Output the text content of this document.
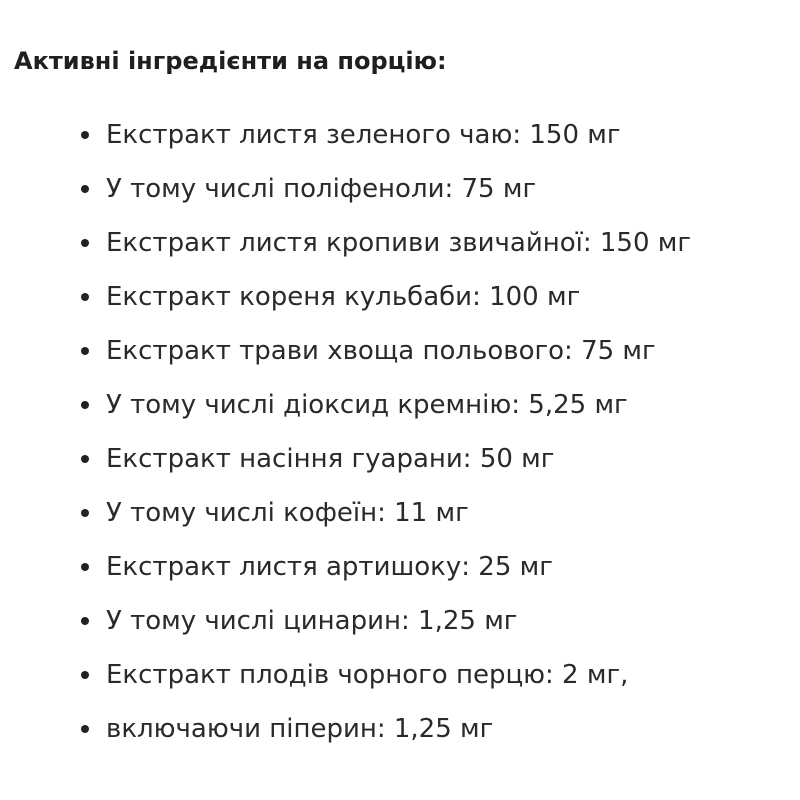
Активні інгредієнти на порцію:
Екстракт листя зеленого чаю: 150 мг
У тому числі поліфеноли: 75 мг
Екстракт листя кропиви звичайної: 150 мг
Екстракт кореня кульбаби: 100 мг
Екстракт трави хвоща польового: 75 мг
У тому числі діоксид кремнію: 5,25 мг
Екстракт насіння гуарани: 50 мг
У тому числі кофеїн: 11 мг
Екстракт листя артишоку: 25 мг
У тому числі цинарин: 1,25 мг
Екстракт плодів чорного перцю: 2 мг,
включаючи піперин: 1,25 мг
